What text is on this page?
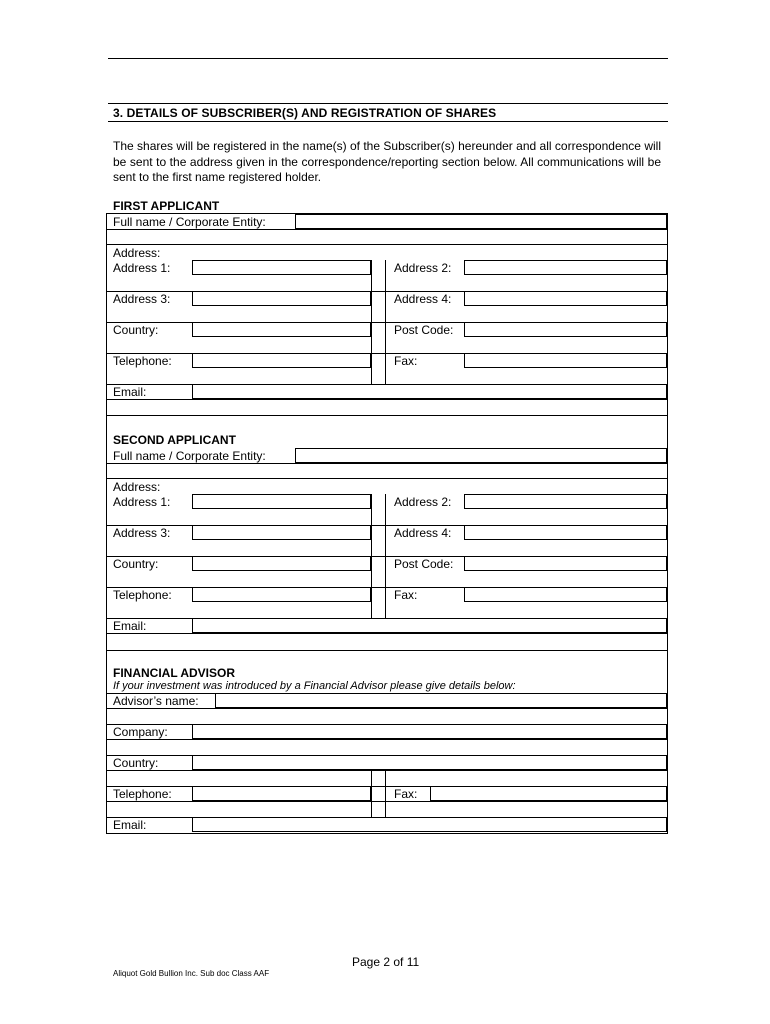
3. DETAILS OF SUBSCRIBER(S) AND REGISTRATION OF SHARES
The shares will be registered in the name(s) of the Subscriber(s) hereunder and all correspondence will be sent to the address given in the correspondence/reporting section below. All communications will be sent to the first name registered holder.
FIRST APPLICANT
Full name / Corporate Entity:
Address:
Address 1:	Address 2:
Address 3:	Address 4:
Country:	Post Code:
Telephone:	Fax:
Email:
SECOND APPLICANT
Full name / Corporate Entity:
Address:
Address 1:	Address 2:
Address 3:	Address 4:
Country:	Post Code:
Telephone:	Fax:
Email:
FINANCIAL ADVISOR
If your investment was introduced by a Financial Advisor please give details below:
Advisor’s name:
Company:
Country:
Telephone:	Fax:
Email:
Page 2 of 11
Aliquot Gold Bullion Inc. Sub doc Class AAF
